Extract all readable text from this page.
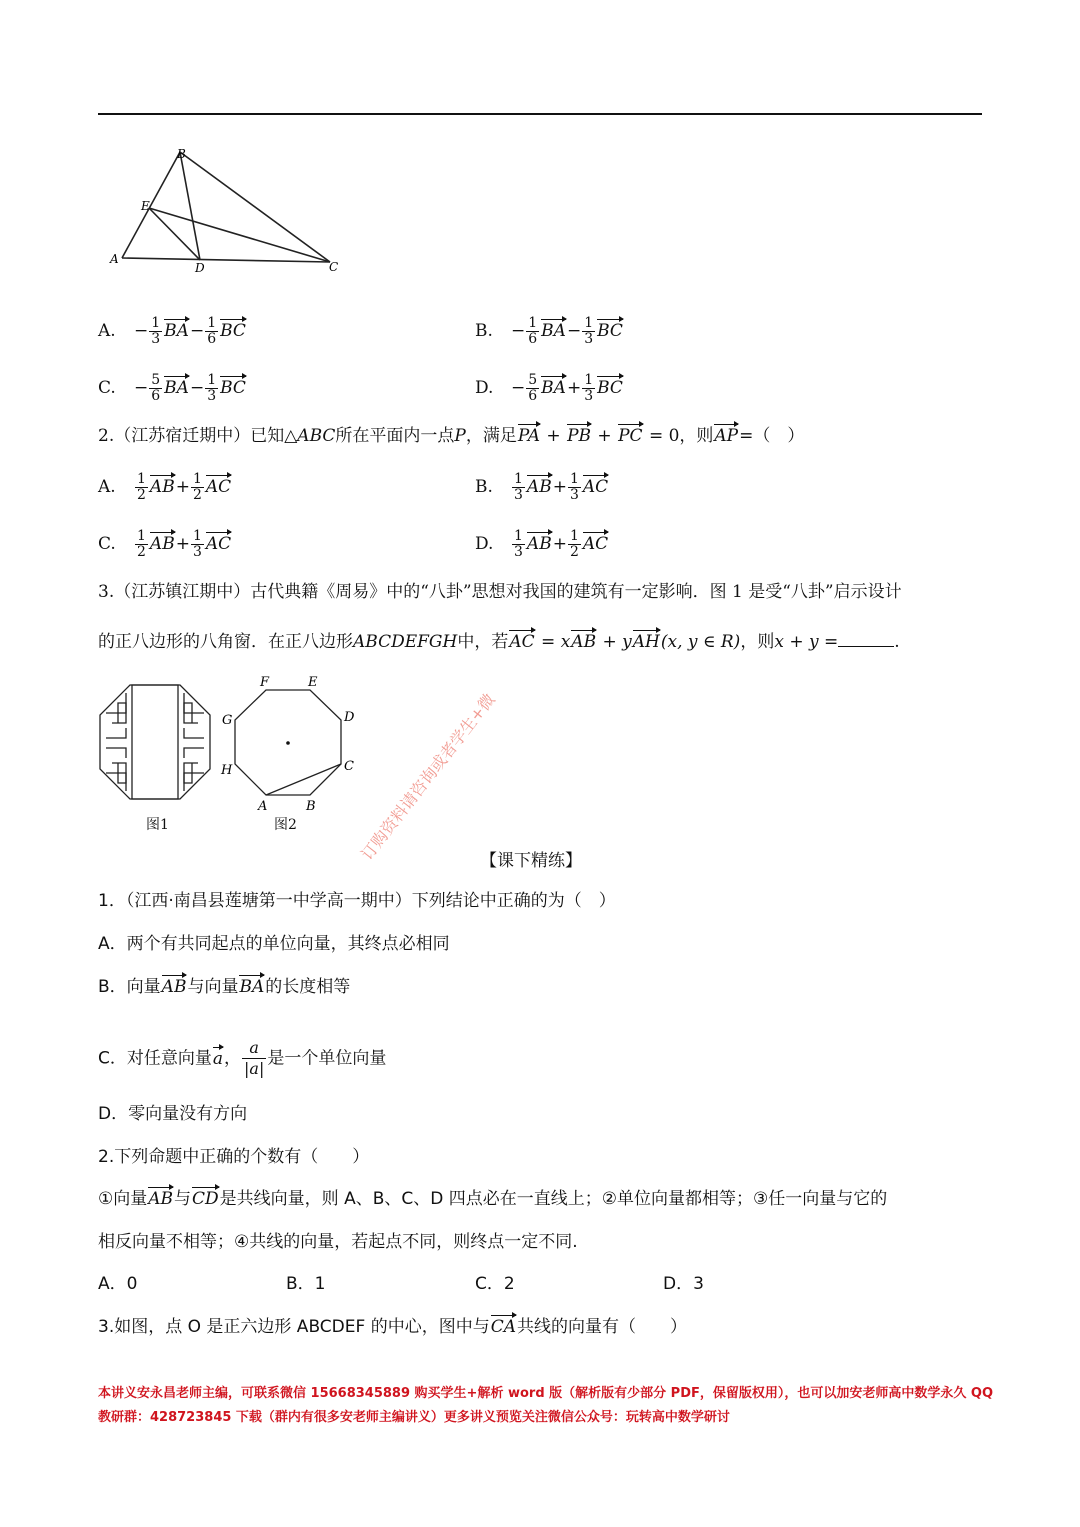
B
E
A
D	C
A. − $\frac{1}{3} BA- \frac{1}{6}$ BC	B. − $\frac{1}{6} BA- \frac{1}{3}$ BC
C. − $\frac{5}{6} BA- \frac{1}{3}$ BC	D. − $\frac{5}{6} BA+ \frac{1}{3}$ BC
2.（江苏宿迁期中）已知△ABC所在平面内一点P，满足PA + PB + PC = 0，则AP=（　）
A. $\frac{1}{2} AB+ \frac{1}{2}$ AC	B. $\frac{1}{3} AB+ \frac{1}{3}$ AC
C. $\frac{1}{2} AB+ \frac{1}{3}$ AC	D. $\frac{1}{3} AB+ \frac{1}{2}$ AC
3.（江苏镇江期中）古代典籍《周易》中的“八卦”思想对我国的建筑有一定影响．图 1 是受“八卦”启示设计
的正八边形的八角窗．在正八边形ABCDEFGH中，若AC = xAB + yAH(x, y ∈ R)，则x + y =	.
图1
F	E
G	D
H	C
A	B
图2
【课下精练】
订购资料请咨询或者学生+微
1．（江西·南昌县莲塘第一中学高一期中）下列结论中正确的为（　）
A．两个有共同起点的单位向量，其终点必相同
B．向量AB与向量BA的长度相等
C．对任意向量a， $\frac{a}{|a|}$ 是一个单位向量
D．零向量没有方向
2.下列命题中正确的个数有（　　）
①向量AB与CD是共线向量，则 A、B、C、D 四点必在一直线上；②单位向量都相等；③任一向量与它的
相反向量不相等；④共线的向量，若起点不同，则终点一定不同.
A．0	B．1	C．2	D．3
3.如图，点 O 是正六边形 ABCDEF 的中心，图中与CA共线的向量有（　　）
本讲义安永昌老师主编，可联系微信 15668345889 购买学生+解析 word 版（解析版有少部分 PDF，保留版权用），也可以加安老师高中数学永久 QQ
教研群：428723845 下载（群内有很多安老师主编讲义）更多讲义预览关注微信公众号：玩转高中数学研讨
